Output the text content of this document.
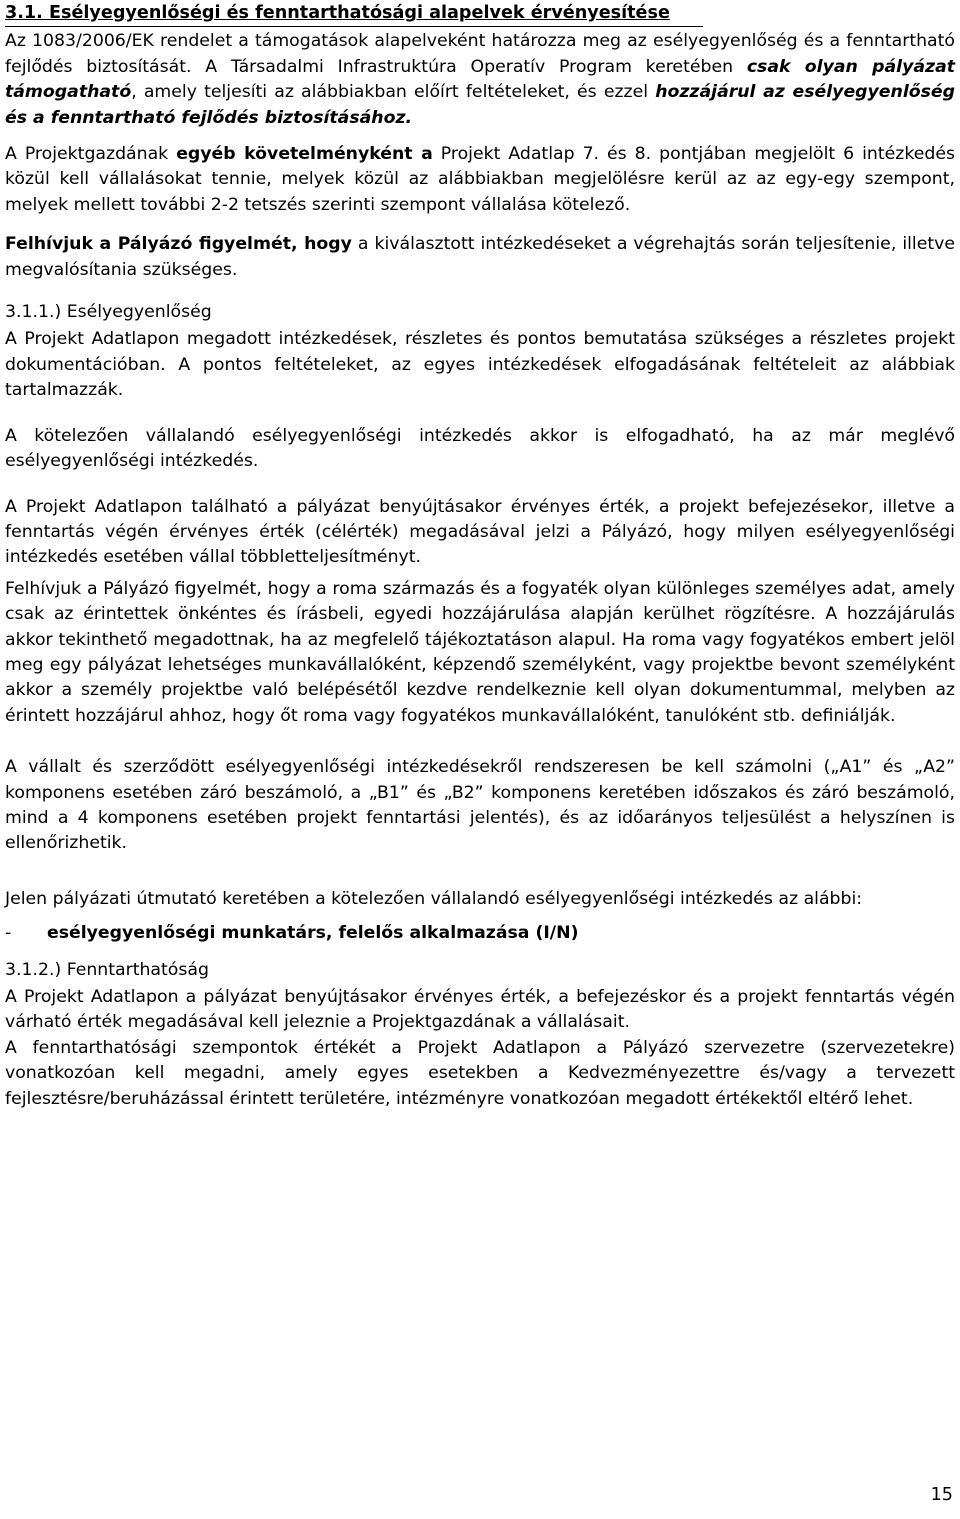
3.1. Esélyegyenlőségi és fenntarthatósági alapelvek érvényesítése

Az 1083/2006/EK rendelet a támogatások alapelveként határozza meg az esélyegyenlőség és a fenntartható fejlődés biztosítását. A Társadalmi Infrastruktúra Operatív Program keretében csak olyan pályázat támogatható, amely teljesíti az alábbiakban előírt feltételeket, és ezzel hozzájárul az esélyegyenlőség és a fenntartható fejlődés biztosításához.

A Projektgazdának egyéb követelményként a Projekt Adatlap 7. és 8. pontjában megjelölt 6 intézkedés közül kell vállalásokat tennie, melyek közül az alábbiakban megjelölésre kerül az az egy-egy szempont, melyek mellett további 2-2 tetszés szerinti szempont vállalása kötelező.

Felhívjuk a Pályázó figyelmét, hogy a kiválasztott intézkedéseket a végrehajtás során teljesítenie, illetve megvalósítania szükséges.

3.1.1.) Esélyegyenlőség

A Projekt Adatlapon megadott intézkedések, részletes és pontos bemutatása szükséges a részletes projekt dokumentációban. A pontos feltételeket, az egyes intézkedések elfogadásának feltételeit az alábbiak tartalmazzák.

A kötelezően vállalandó esélyegyenlőségi intézkedés akkor is elfogadható, ha az már meglévő esélyegyenlőségi intézkedés.

A Projekt Adatlapon található a pályázat benyújtásakor érvényes érték, a projekt befejezésekor, illetve a fenntartás végén érvényes érték (célérték) megadásával jelzi a Pályázó, hogy milyen esélyegyenlőségi intézkedés esetében vállal többletteljesítményt.

Felhívjuk a Pályázó figyelmét, hogy a roma származás és a fogyaték olyan különleges személyes adat, amely csak az érintettek önkéntes és írásbeli, egyedi hozzájárulása alapján kerülhet rögzítésre. A hozzájárulás akkor tekinthető megadottnak, ha az megfelelő tájékoztatáson alapul. Ha roma vagy fogyatékos embert jelöl meg egy pályázat lehetséges munkavállalóként, képzendő személyként, vagy projektbe bevont személyként akkor a személy projektbe való belépésétől kezdve rendelkeznie kell olyan dokumentummal, melyben az érintett hozzájárul ahhoz, hogy őt roma vagy fogyatékos munkavállalóként, tanulóként stb. definiálják.

A vállalt és szerződött esélyegyenlőségi intézkedésekről rendszeresen be kell számolni („A1” és „A2” komponens esetében záró beszámoló, a „B1” és „B2” komponens keretében időszakos és záró beszámoló, mind a 4 komponens esetében projekt fenntartási jelentés), és az időarányos teljesülést a helyszínen is ellenőrizhetik.

Jelen pályázati útmutató keretében a kötelezően vállalandó esélyegyenlőségi intézkedés az alábbi:

-	esélyegyenlőségi munkatárs, felelős alkalmazása (I/N)

3.1.2.) Fenntarthatóság

A Projekt Adatlapon a pályázat benyújtásakor érvényes érték, a befejezéskor és a projekt fenntartás végén várható érték megadásával kell jeleznie a Projektgazdának a vállalásait.

A fenntarthatósági szempontok értékét a Projekt Adatlapon a Pályázó szervezetre (szervezetekre) vonatkozóan kell megadni, amely egyes esetekben a Kedvezményezettre és/vagy a tervezett fejlesztésre/beruházással érintett területére, intézményre vonatkozóan megadott értékektől eltérő lehet.

15
